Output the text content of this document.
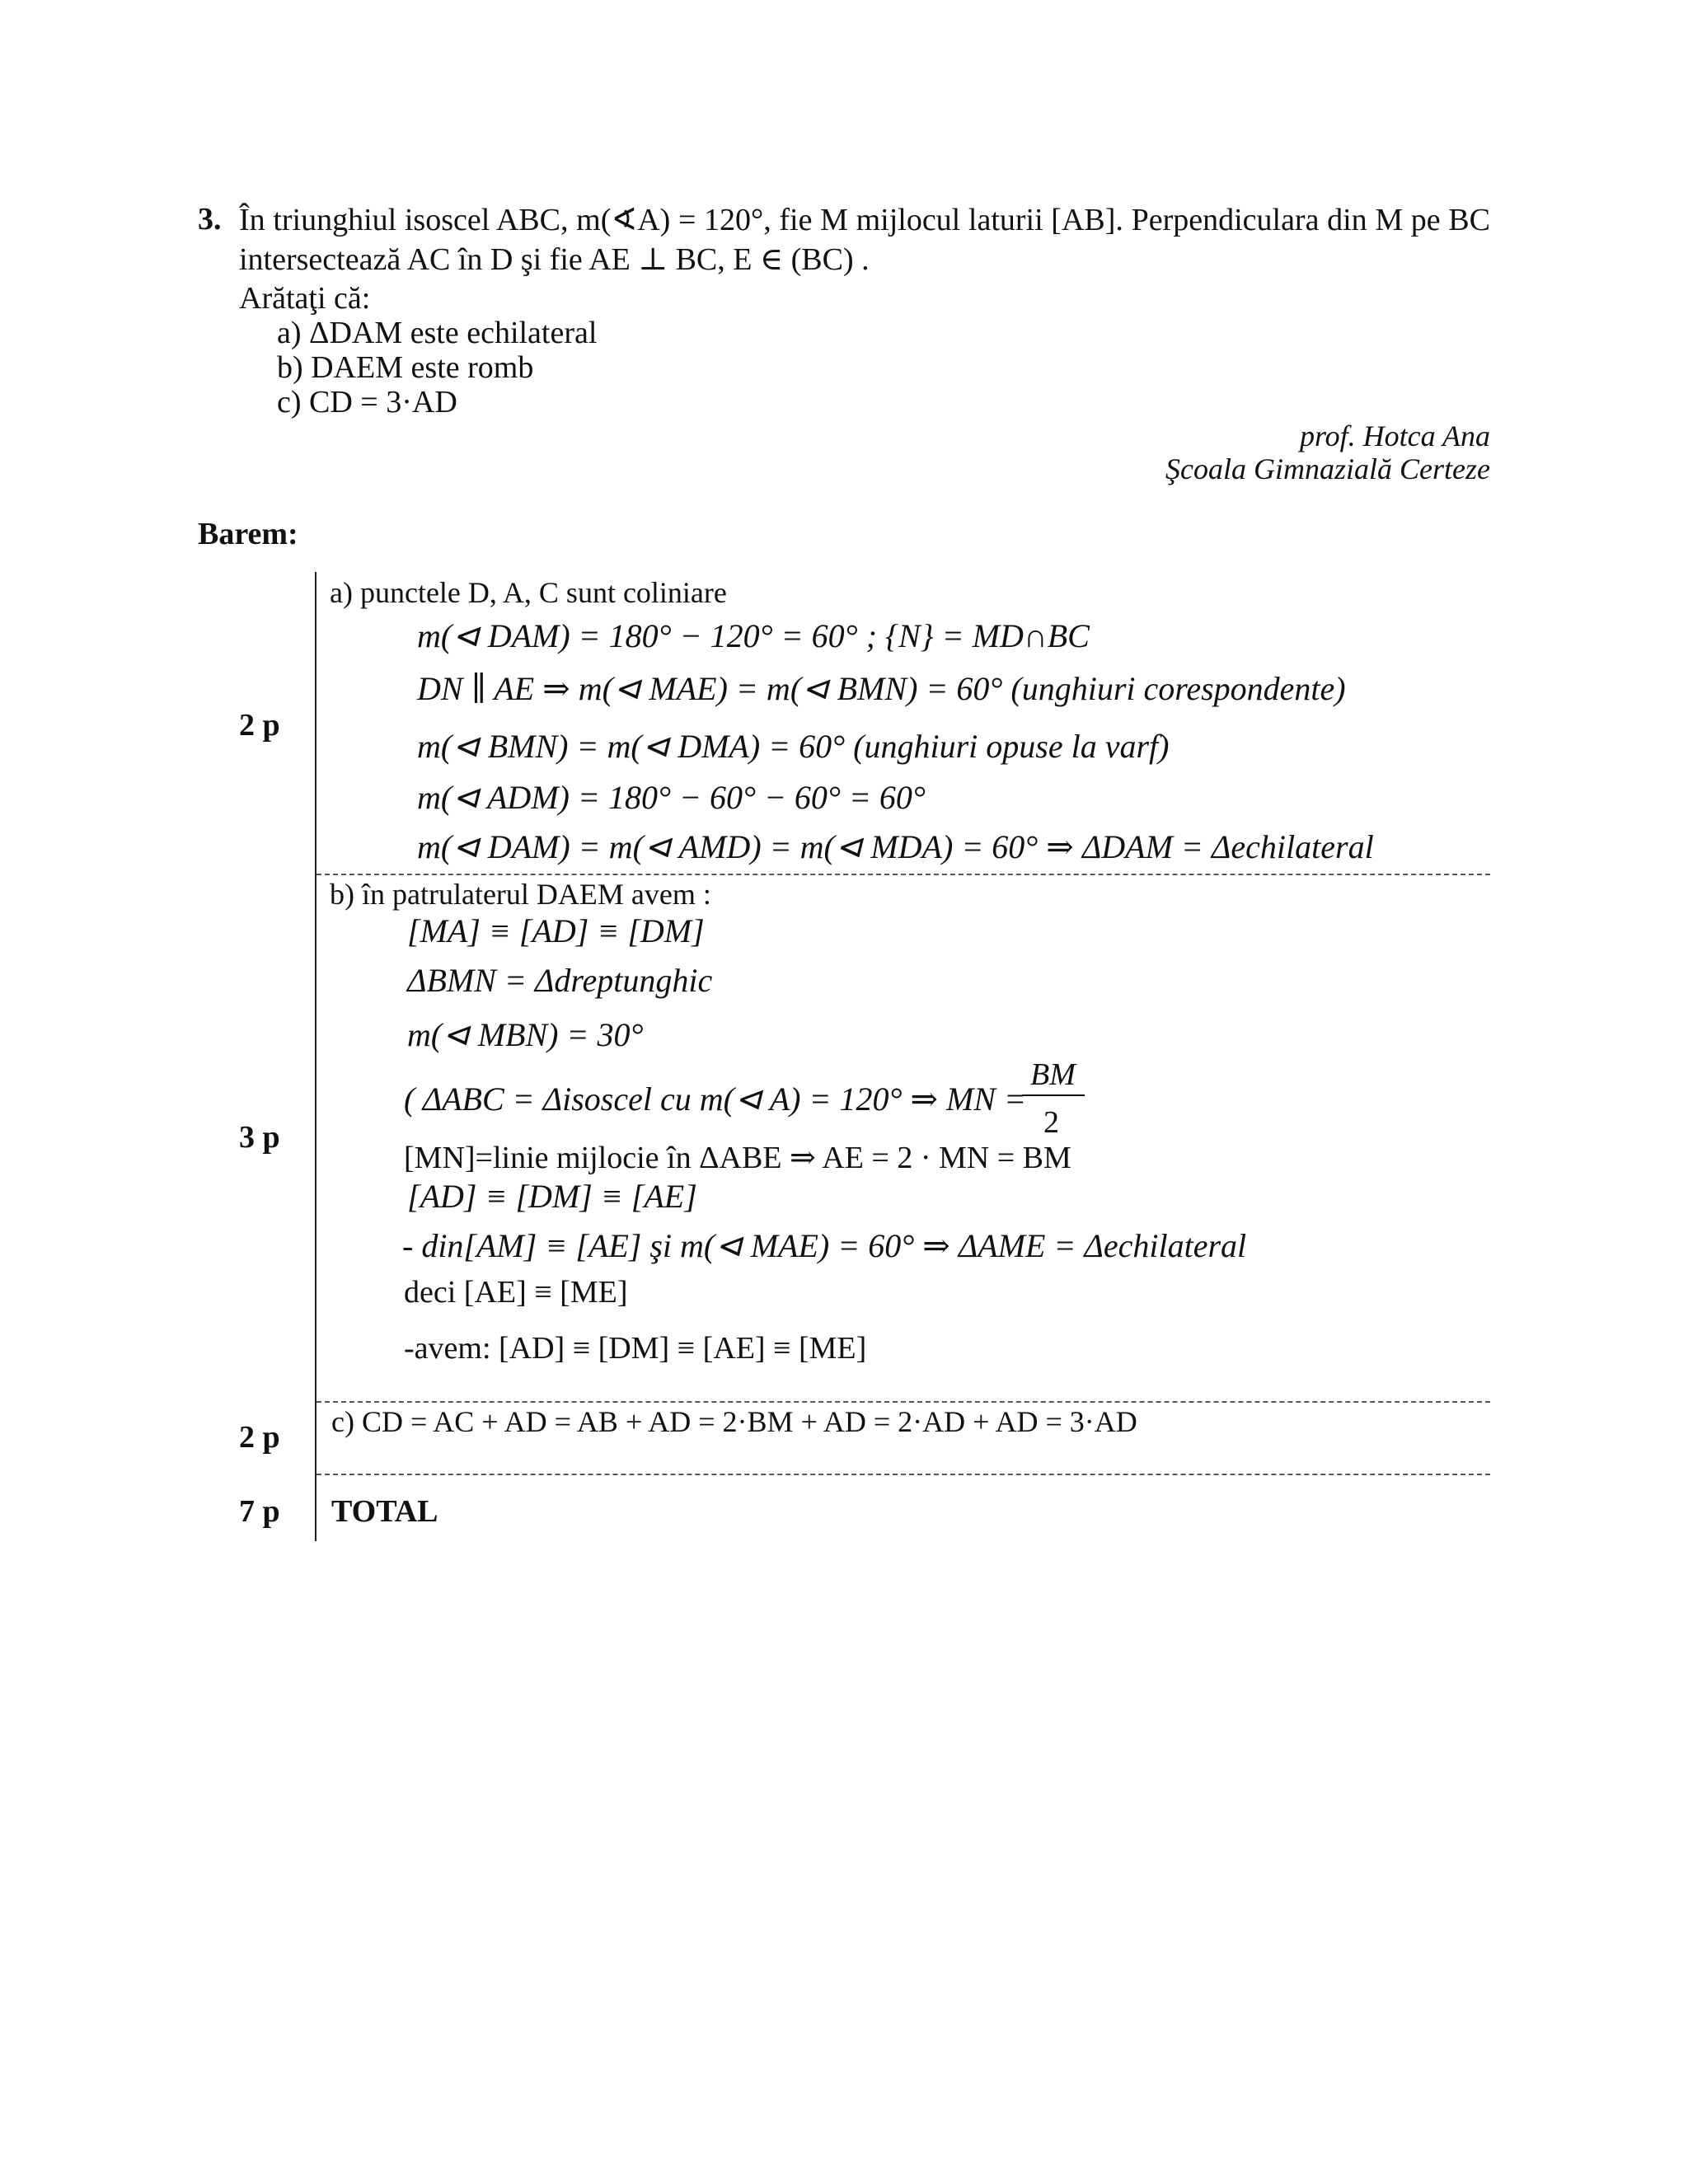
3. În triunghiul isoscel ABC, m(∢A) = 120°, fie M mijlocul laturii [AB]. Perpendiculara din M pe BC
intersectează AC în D şi fie AE ⊥ BC, E ∈ (BC) .
Arătaţi că:
a) ΔDAM este echilateral
b) DAEM este romb
c) CD = 3·AD
prof. Hotca Ana
Şcoala Gimnazială Certeze
Barem:
2 p
3 p
2 p
7 p
a) punctele D, A, C sunt coliniare
m(⊲ DAM) = 180° − 120° = 60° ; {N} = MD∩BC
DN ∥ AE ⇒ m(⊲ MAE) = m(⊲ BMN) = 60° (unghiuri corespondente)
m(⊲ BMN) = m(⊲ DMA) = 60° (unghiuri opuse la varf)
m(⊲ ADM) = 180° − 60° − 60° = 60°
m(⊲ DAM) = m(⊲ AMD) = m(⊲ MDA) = 60° ⇒ ΔDAM = Δechilateral
b) în patrulaterul DAEM avem :
[MA] ≡ [AD] ≡ [DM]
ΔBMN = Δdreptunghic
m(⊲ MBN) = 30°
( ΔABC = Δisoscel cu m(⊲ A) = 120° ⇒ MN =
BM
2
[MN]=linie mijlocie în ΔABE ⇒ AE = 2 · MN = BM
[AD] ≡ [DM] ≡ [AE]
- din[AM] ≡ [AE] şi m(⊲ MAE) = 60° ⇒ ΔAME = Δechilateral
deci [AE] ≡ [ME]
-avem: [AD] ≡ [DM] ≡ [AE] ≡ [ME]
c) CD = AC + AD = AB + AD = 2·BM + AD = 2·AD + AD = 3·AD
TOTAL
